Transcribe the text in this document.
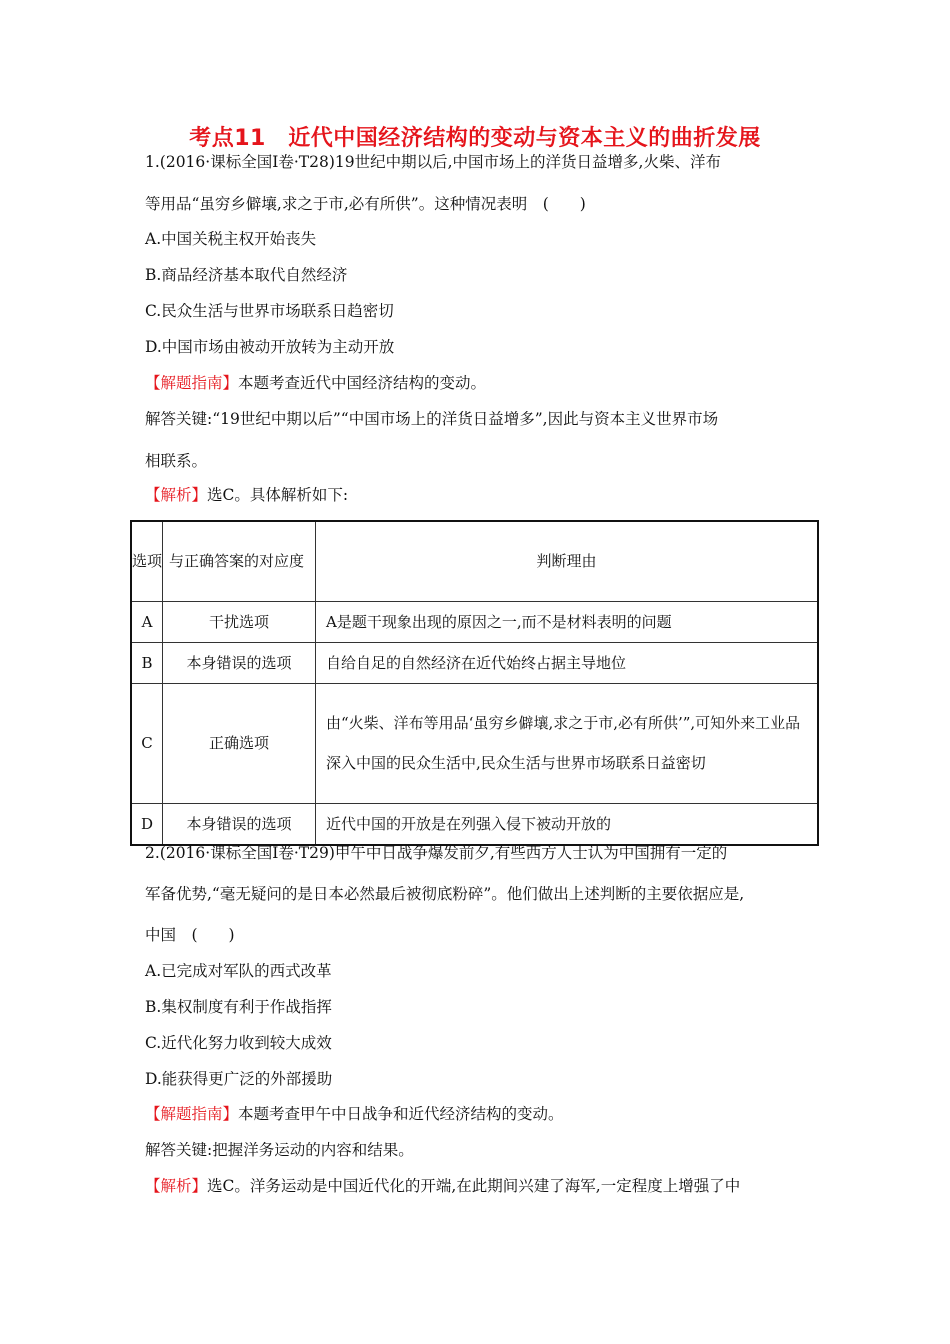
考点11　近代中国经济结构的变动与资本主义的曲折发展
1.(2016·课标全国Ⅰ卷·T28)19世纪中期以后,中国市场上的洋货日益增多,火柴、洋布
等用品“虽穷乡僻壤,求之于市,必有所供”。这种情况表明　(　　)
A.中国关税主权开始丧失
B.商品经济基本取代自然经济
C.民众生活与世界市场联系日趋密切
D.中国市场由被动开放转为主动开放
【解题指南】本题考查近代中国经济结构的变动。
解答关键:“19世纪中期以后”“中国市场上的洋货日益增多”,因此与资本主义世界市场
相联系。
【解析】选C。具体解析如下:
选项	与正确答案的对应度	判断理由
A	干扰选项	A是题干现象出现的原因之一,而不是材料表明的问题
B	本身错误的选项	自给自足的自然经济在近代始终占据主导地位
C	正确选项	由“火柴、洋布等用品‘虽穷乡僻壤,求之于市,必有所供’”,可知外来工业品深入中国的民众生活中,民众生活与世界市场联系日益密切
D	本身错误的选项	近代中国的开放是在列强入侵下被动开放的
2.(2016·课标全国Ⅰ卷·T29)甲午中日战争爆发前夕,有些西方人士认为中国拥有一定的
军备优势,“毫无疑问的是日本必然最后被彻底粉碎”。他们做出上述判断的主要依据应是,
中国　(　　)
A.已完成对军队的西式改革
B.集权制度有利于作战指挥
C.近代化努力收到较大成效
D.能获得更广泛的外部援助
【解题指南】本题考查甲午中日战争和近代经济结构的变动。
解答关键:把握洋务运动的内容和结果。
【解析】选C。洋务运动是中国近代化的开端,在此期间兴建了海军,一定程度上增强了中
